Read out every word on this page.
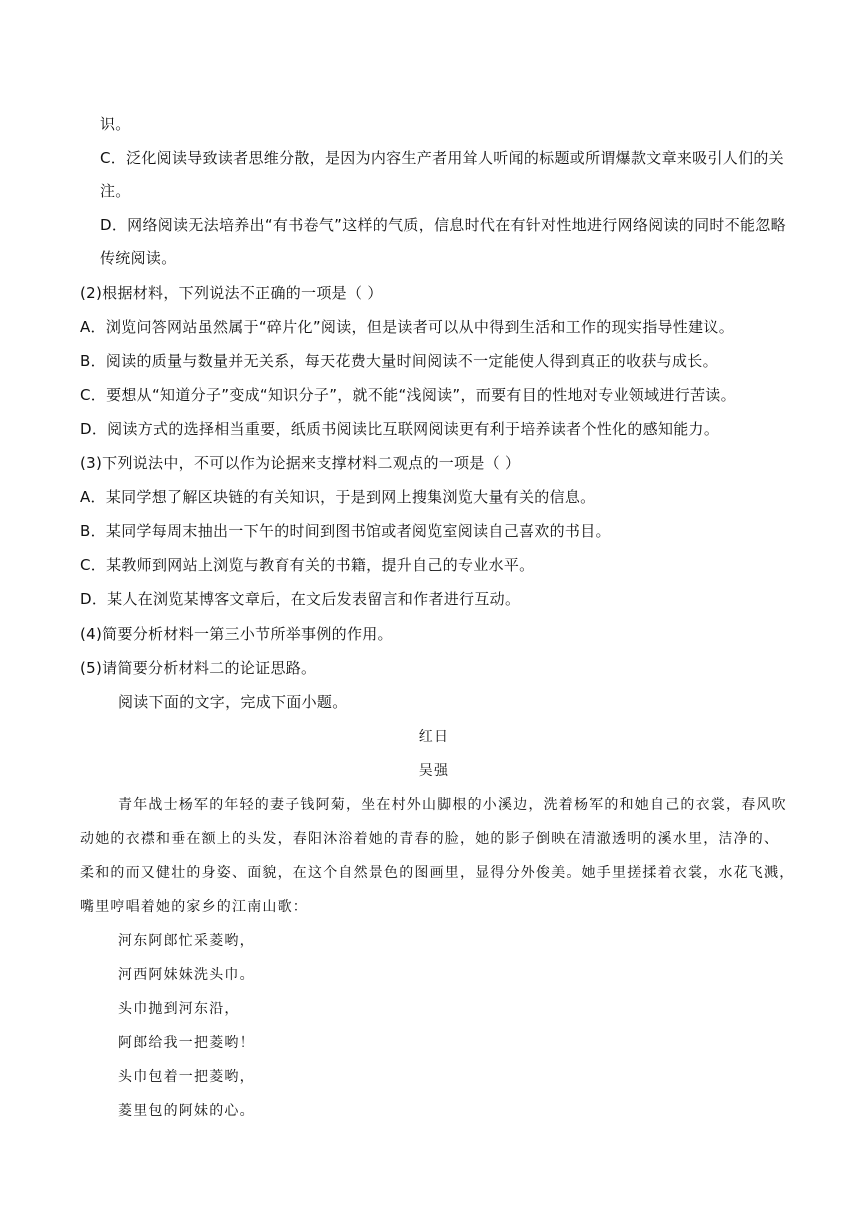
识。
C．泛化阅读导致读者思维分散，是因为内容生产者用耸人听闻的标题或所谓爆款文章来吸引人们的关
注。
D．网络阅读无法培养出“有书卷气”这样的气质，信息时代在有针对性地进行网络阅读的同时不能忽略
传统阅读。
(2)根据材料，下列说法不正确的一项是（ ）
A．浏览问答网站虽然属于“碎片化”阅读，但是读者可以从中得到生活和工作的现实指导性建议。
B．阅读的质量与数量并无关系，每天花费大量时间阅读不一定能使人得到真正的收获与成长。
C．要想从“知道分子”变成“知识分子”，就不能“浅阅读”，而要有目的性地对专业领域进行苦读。
D．阅读方式的选择相当重要，纸质书阅读比互联网阅读更有利于培养读者个性化的感知能力。
(3)下列说法中，不可以作为论据来支撑材料二观点的一项是（ ）
A．某同学想了解区块链的有关知识，于是到网上搜集浏览大量有关的信息。
B．某同学每周末抽出一下午的时间到图书馆或者阅览室阅读自己喜欢的书目。
C．某教师到网站上浏览与教育有关的书籍，提升自己的专业水平。
D．某人在浏览某博客文章后，在文后发表留言和作者进行互动。
(4)简要分析材料一第三小节所举事例的作用。
(5)请简要分析材料二的论证思路。
阅读下面的文字，完成下面小题。
红日
吴强
青年战士杨军的年轻的妻子钱阿菊，坐在村外山脚根的小溪边，洗着杨军的和她自己的衣裳，春风吹
动她的衣襟和垂在额上的头发，春阳沐浴着她的青春的脸，她的影子倒映在清澈透明的溪水里，洁净的、
柔和的而又健壮的身姿、面貌，在这个自然景色的图画里，显得分外俊美。她手里搓揉着衣裳，水花飞溅，
嘴里哼唱着她的家乡的江南山歌：
河东阿郎忙采菱哟，
河西阿妹妹洗头巾。
头巾抛到河东沿，
阿郎给我一把菱哟！
头巾包着一把菱哟，
菱里包的阿妹的心。
